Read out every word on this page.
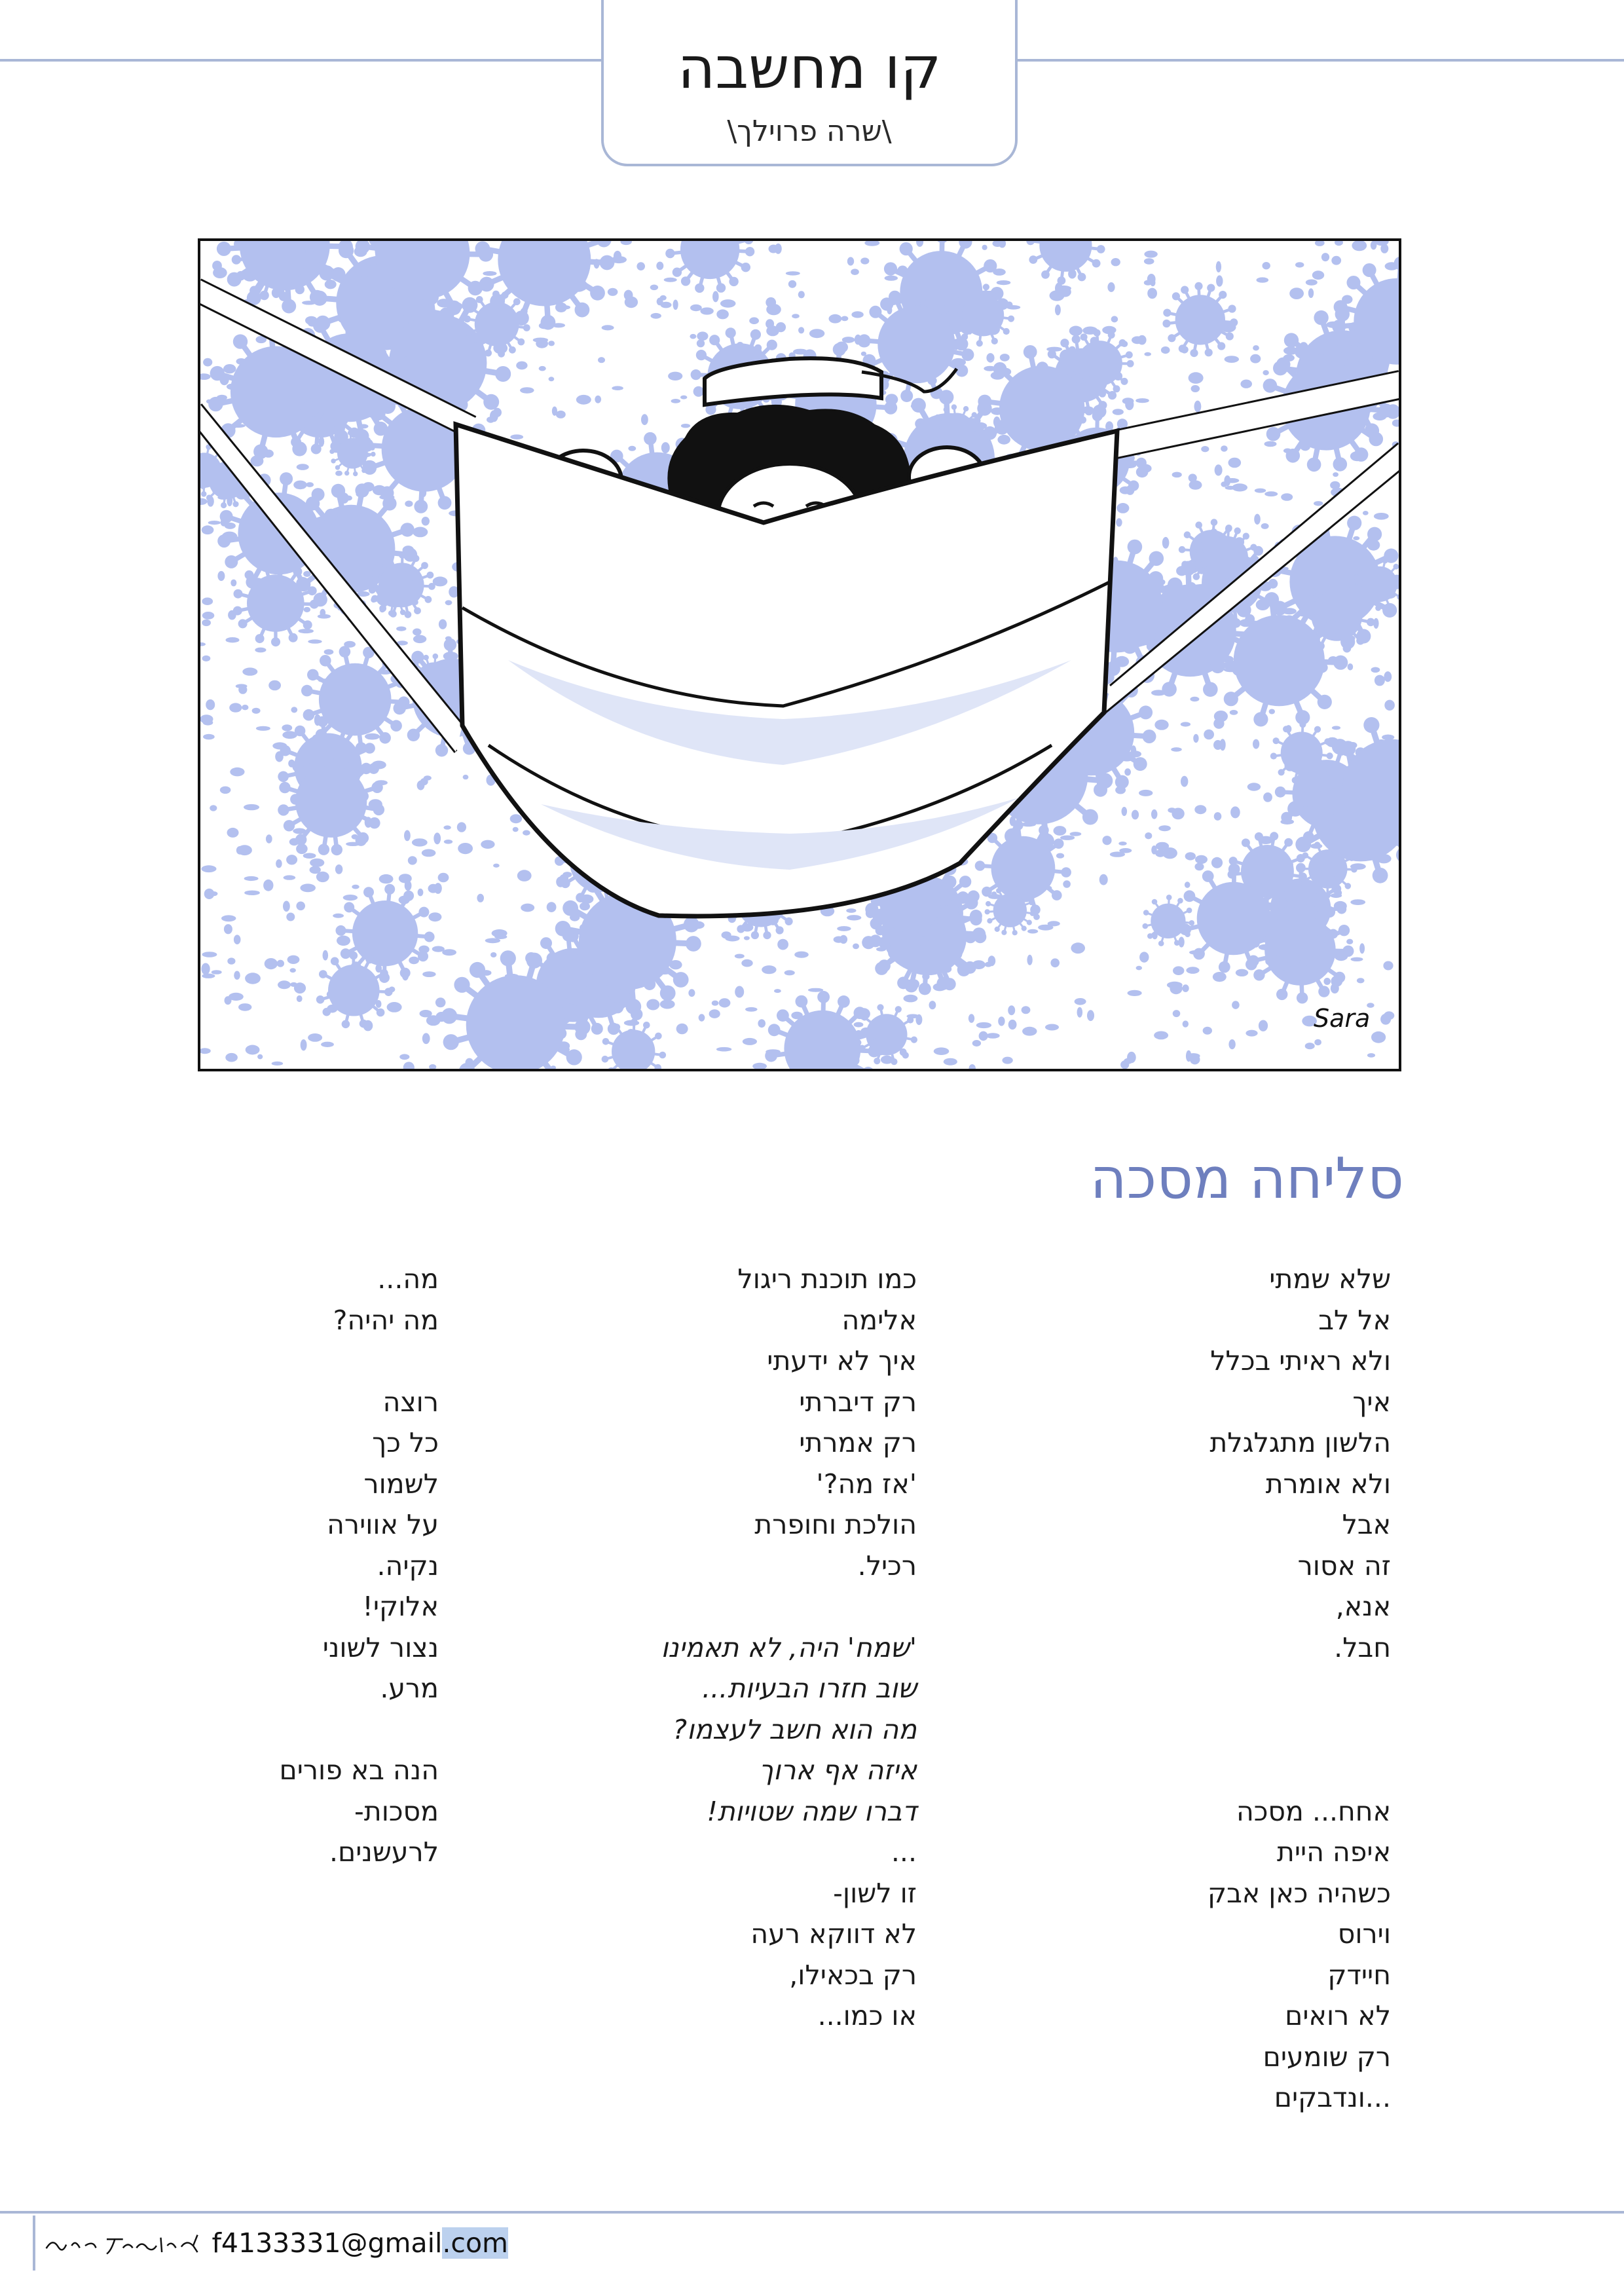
קו מחשבה
\שרה פרוילך\
Sara
סליחה מסכה
שלא שמתי
אל לב
ולא ראיתי בכלל
איך
הלשון מתגלגלת
ולא אומרת
אבל
זה אסור
אנא,
חבל.
אחח... מסכה
איפה היית
כשהיה כאן אבק
וירוס
חיידק
לא רואים
רק שומעים
...ונדבקים
כמו תוכנת ריגול
אלימה
איך לא ידעתי
רק דיברתי
רק אמרתי
'אז מה?'
הולכת וחופרת
רכיל.
'שמח' היה, לא תאמינו
שוב חזרו הבעיות...
מה הוא חשב לעצמו?
איזה אף ארוך
דברו שמה שטויות!
...
זו לשון-
לא דווקא רעה
רק בכאילו,
או כמו...
מה...
מה יהיה?
רוצה
כל כך
לשמור
על אווירה
נקיה.
אלוקי!
נצור לשוני
מרע.
הנה בא פורים
מסכות-
לרעשנים.
f4133331@gmail.com
